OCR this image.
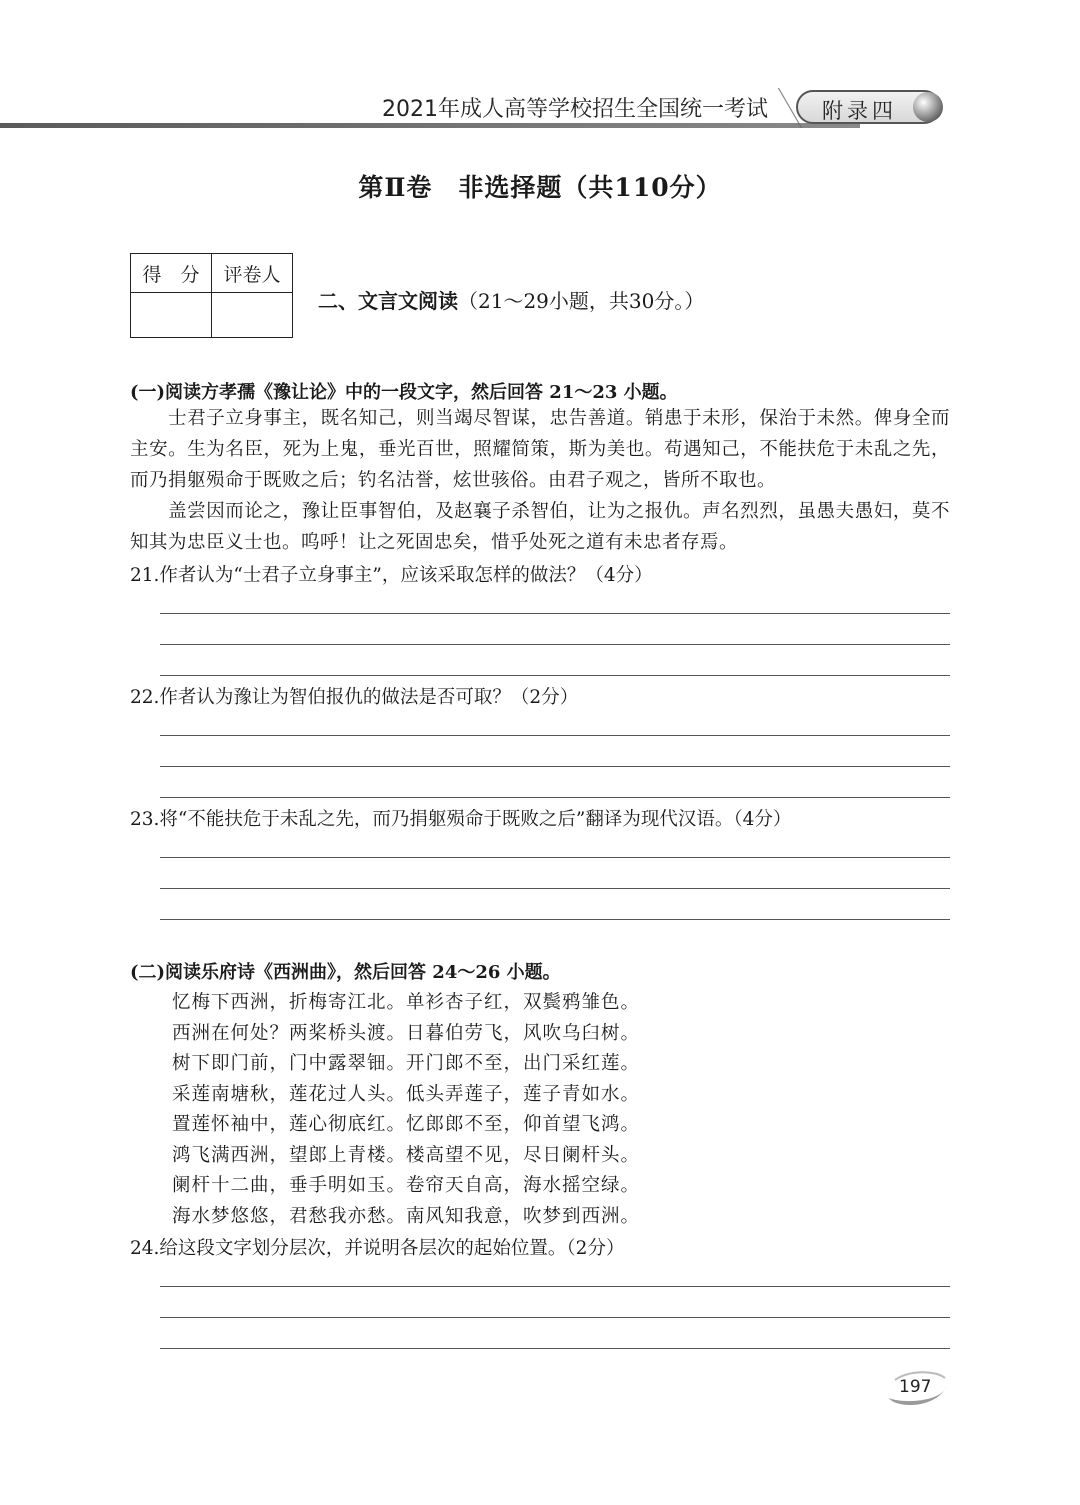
2021年成人高等学校招生全国统一考试	附录四
第Ⅱ卷　非选择题（共110分）
得　分	评卷人

二、文言文阅读（21～29小题，共30分。）
(一)阅读方孝孺《豫让论》中的一段文字，然后回答 21～23 小题。

士君子立身事主，既名知己，则当竭尽智谋，忠告善道。销患于未形，保治于未然。俾身全而主安。生为名臣，死为上鬼，垂光百世，照耀简策，斯为美也。苟遇知己，不能扶危于未乱之先，而乃捐躯殒命于既败之后；钓名沽誉，炫世骇俗。由君子观之，皆所不取也。

盖尝因而论之，豫让臣事智伯，及赵襄子杀智伯，让为之报仇。声名烈烈，虽愚夫愚妇，莫不知其为忠臣义士也。呜呼！让之死固忠矣，惜乎处死之道有未忠者存焉。

21.作者认为“士君子立身事主”，应该采取怎样的做法？（4分）
22.作者认为豫让为智伯报仇的做法是否可取？（2分）
23.将“不能扶危于未乱之先，而乃捐躯殒命于既败之后”翻译为现代汉语。（4分）
(二)阅读乐府诗《西洲曲》，然后回答 24～26 小题。
忆梅下西洲，折梅寄江北。单衫杏子红，双鬓鸦雏色。
西洲在何处？两桨桥头渡。日暮伯劳飞，风吹乌臼树。
树下即门前，门中露翠钿。开门郎不至，出门采红莲。
采莲南塘秋，莲花过人头。低头弄莲子，莲子青如水。
置莲怀袖中，莲心彻底红。忆郎郎不至，仰首望飞鸿。
鸿飞满西洲，望郎上青楼。楼高望不见，尽日阑杆头。
阑杆十二曲，垂手明如玉。卷帘天自高，海水摇空绿。
海水梦悠悠，君愁我亦愁。南风知我意，吹梦到西洲。
24.给这段文字划分层次，并说明各层次的起始位置。（2分）
197
